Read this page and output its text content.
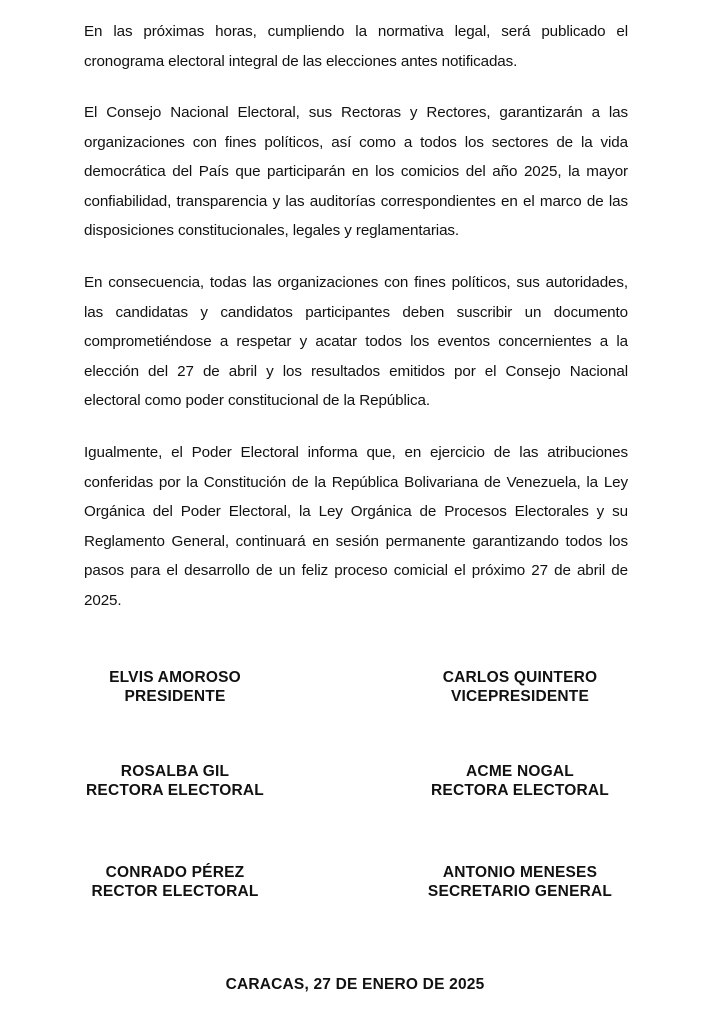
En las próximas horas, cumpliendo la normativa legal, será publicado el cronograma electoral integral de las elecciones antes notificadas.

El Consejo Nacional Electoral, sus Rectoras y Rectores, garantizarán a las organizaciones con fines políticos, así como a todos los sectores de la vida democrática del País que participarán en los comicios del año 2025, la mayor confiabilidad, transparencia y las auditorías correspondientes en el marco de las disposiciones constitucionales, legales y reglamentarias.

En consecuencia, todas las organizaciones con fines políticos, sus autoridades, las candidatas y candidatos participantes deben suscribir un documento comprometiéndose a respetar y acatar todos los eventos concernientes a la elección del 27 de abril y los resultados emitidos por el Consejo Nacional electoral como poder constitucional de la República.

Igualmente, el Poder Electoral informa que, en ejercicio de las atribuciones conferidas por la Constitución de la República Bolivariana de Venezuela, la Ley Orgánica del Poder Electoral, la Ley Orgánica de Procesos Electorales y su Reglamento General, continuará en sesión permanente garantizando todos los pasos para el desarrollo de un feliz proceso comicial el próximo 27 de abril de 2025.

ELVIS AMOROSO
PRESIDENTE
CARLOS QUINTERO
VICEPRESIDENTE
ROSALBA GIL
RECTORA ELECTORAL
ACME NOGAL
RECTORA ELECTORAL
CONRADO PÉREZ
RECTOR ELECTORAL
ANTONIO MENESES
SECRETARIO GENERAL
CARACAS, 27 DE ENERO DE 2025
